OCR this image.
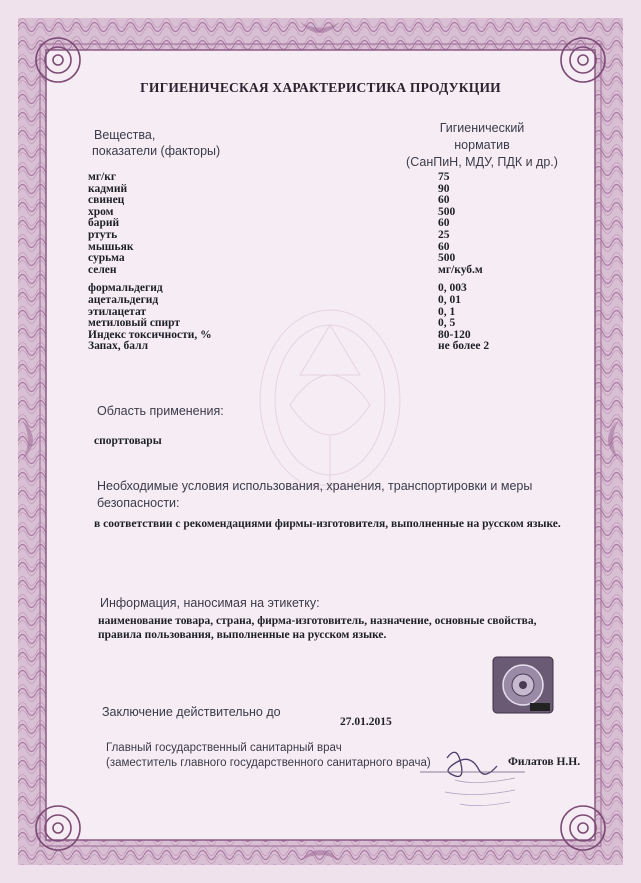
ГИГИЕНИЧЕСКАЯ ХАРАКТЕРИСТИКА ПРОДУКЦИИ
Вещества,
показатели (факторы)
Гигиенический
норматив
(СанПиН, МДУ, ПДК и др.)
мг/кг
кадмий
свинец
хром
барий
ртуть
мышьяк
сурьма
селен
формальдегид
ацетальдегид
этилацетат
метиловый спирт
Индекс токсичности, %
Запах, балл
75
90
60
500
60
25
60
500
мг/куб.м
0, 003
0, 01
0, 1
0, 5
80-120
не более 2
Область применения:
спорттовары
Необходимые условия использования, хранения, транспортировки и меры
безопасности:
в соответствии с рекомендациями фирмы-изготовителя, выполненные на русском языке.
Информация, наносимая на этикетку:
наименование товара, страна, фирма-изготовитель, назначение, основные свойства,
правила пользования, выполненные на русском языке.
Заключение действительно до
27.01.2015
Главный государственный санитарный врач
(заместитель главного государственного санитарного врача)	Филатов Н.Н.
